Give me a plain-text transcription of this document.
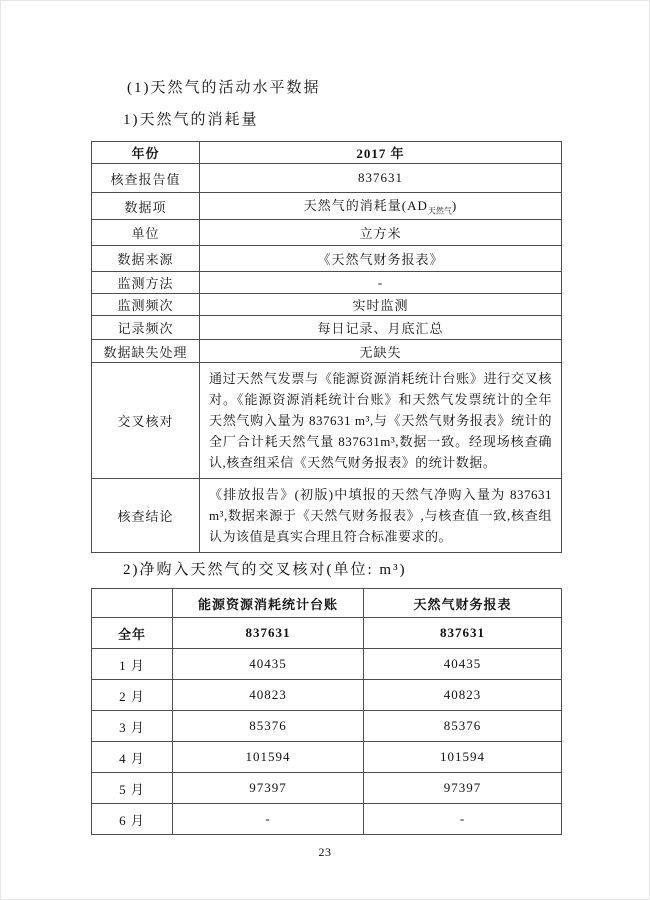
(1)天然气的活动水平数据
1)天然气的消耗量
年份	2017 年
核查报告值	837631
数据项	天然气的消耗量$(AD_{天然气})$
单位	立方米
数据来源	《天然气财务报表》
监测方法	-
监测频次	实时监测
记录频次	每日记录、月底汇总
数据缺失处理	无缺失
交叉核对	通过天然气发票与《能源资源消耗统计台账》进行交叉核对。《能源资源消耗统计台账》和天然气发票统计的全年天然气购入量为 837631 m³,与《天然气财务报表》统计的全厂合计耗天然气量 837631m³,数据一致。经现场核查确认,核查组采信《天然气财务报表》的统计数据。
核查结论	《排放报告》(初版)中填报的天然气净购入量为 837631 m³,数据来源于《天然气财务报表》,与核查值一致,核查组认为该值是真实合理且符合标准要求的。
2)净购入天然气的交叉核对(单位: m³)
	能源资源消耗统计台账	天然气财务报表
全年	837631	837631
1 月	40435	40435
2 月	40823	40823
3 月	85376	85376
4 月	101594	101594
5 月	97397	97397
6 月	-	-
23
